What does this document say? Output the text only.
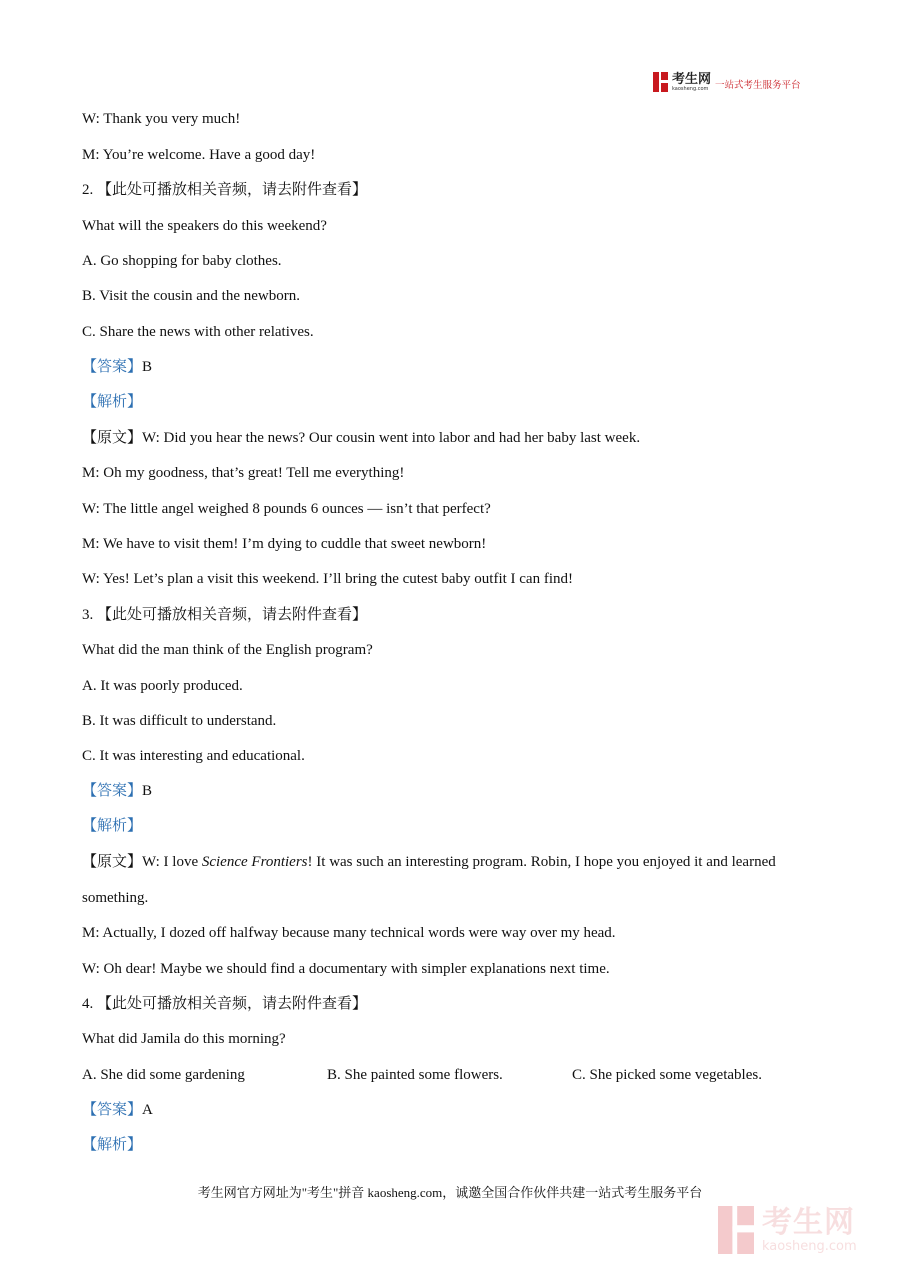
考生网
kaosheng.com 一站式考生服务平台
W: Thank you very much!
M: You’re welcome. Have a good day!
2. 【此处可播放相关音频，请去附件查看】
What will the speakers do this weekend?
A. Go shopping for baby clothes.
B. Visit the cousin and the newborn.
C. Share the news with other relatives.
【答案】B
【解析】
【原文】W: Did you hear the news? Our cousin went into labor and had her baby last week.
M: Oh my goodness, that’s great! Tell me everything!
W: The little angel weighed 8 pounds 6 ounces — isn’t that perfect?
M: We have to visit them! I’m dying to cuddle that sweet newborn!
W: Yes! Let’s plan a visit this weekend. I’ll bring the cutest baby outfit I can find!
3. 【此处可播放相关音频，请去附件查看】
What did the man think of the English program?
A. It was poorly produced.
B. It was difficult to understand.
C. It was interesting and educational.
【答案】B
【解析】
【原文】W: I love Science Frontiers! It was such an interesting program. Robin, I hope you enjoyed it and learned
something.
M: Actually, I dozed off halfway because many technical words were way over my head.
W: Oh dear! Maybe we should find a documentary with simpler explanations next time.
4. 【此处可播放相关音频，请去附件查看】
What did Jamila do this morning?
A. She did some gardening	B. She painted some flowers.	C. She picked some vegetables.
【答案】A
【解析】
考生网官方网址为"考生"拼音 kaosheng.com，诚邀全国合作伙伴共建一站式考生服务平台
考生网
kaosheng.com
